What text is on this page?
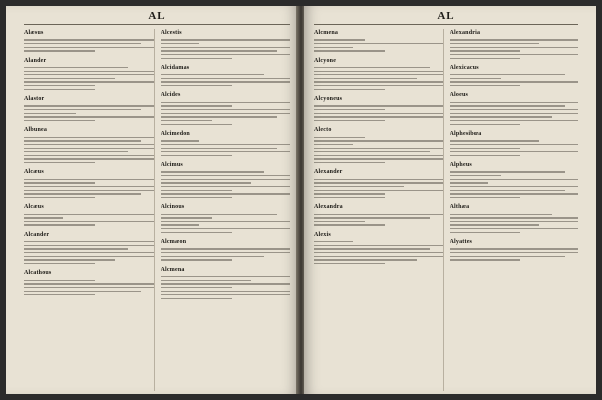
AL
Alæsus
Alander
Alastor
Albunea
Alcæus
Alcæus
Alcander
Alcathous
Alcestis
Alcidamas
Alcides
Alcimedon
Alcimus
Alcinous
Alcmæon
Alcmena
AL
Alcmena
Alcyone
Alcyoneus
Alecto
Alexander
Alexandra
Alexis
Alexandria
Alexicacus
Aloeus
Alphesibœa
Alpheus
Althæa
Alyattes
